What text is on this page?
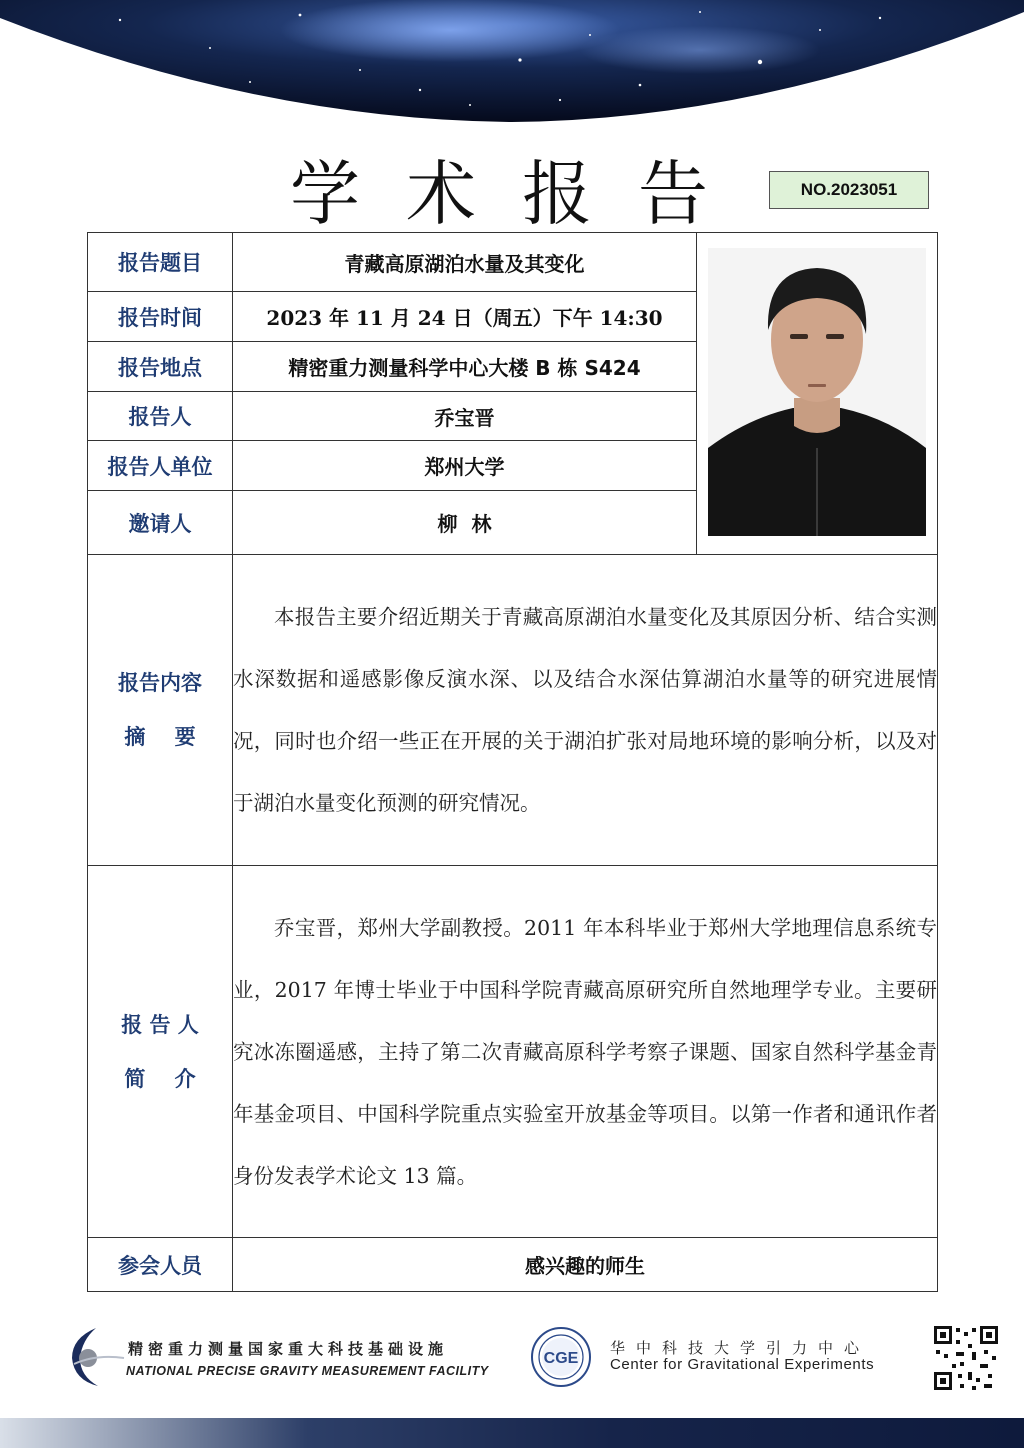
学术报告	NO.2023051
报告题目	青藏高原湖泊水量及其变化	
报告时间	2023 年 11 月 24 日（周五）下午 14:30	
报告地点	精密重力测量科学中心大楼 B 栋 S424	
报告人	乔宝晋	
报告人单位	郑州大学	
邀请人	柳  林	

报告内容
摘    要	本报告主要介绍近期关于青藏高原湖泊水量变化及其原因分析、结合实测水深数据和遥感影像反演水深、以及结合水深估算湖泊水量等的研究进展情况，同时也介绍一些正在开展的关于湖泊扩张对局地环境的影响分析，以及对于湖泊水量变化预测的研究情况。	

报 告 人
简    介	乔宝晋，郑州大学副教授。2011 年本科毕业于郑州大学地理信息系统专业，2017 年博士毕业于中国科学院青藏高原研究所自然地理学专业。主要研究冰冻圈遥感，主持了第二次青藏高原科学考察子课题、国家自然科学基金青年基金项目、中国科学院重点实验室开放基金等项目。以第一作者和通讯作者身份发表学术论文 13 篇。	

参会人员	感兴趣的师生	
精密重力测量国家重大科技基础设施
NATIONAL PRECISE GRAVITY MEASUREMENT FACILITY
CGE
华中科技大学引力中心
Center for Gravitational Experiments
